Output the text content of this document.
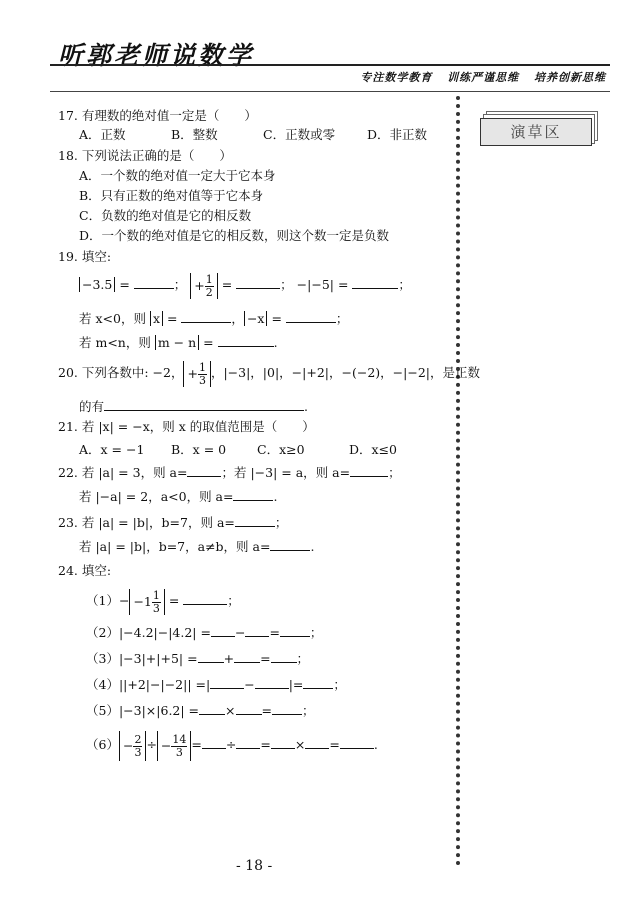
听郭老师说数学
专注数学教育 训练严谨思维 培养创新思维
演草区
17. 有理数的绝对值一定是（　　）
A．正数	B．整数	C．正数或零	D．非正数
18. 下列说法正确的是（　　）
A．一个数的绝对值一定大于它本身
B．只有正数的绝对值等于它本身
C．负数的绝对值是它的相反数
D．一个数的绝对值是它的相反数，则这个数一定是负数
19. 填空:
−3.5 =	； + $\frac{1}{2}$ =	； −|−5| =	；
若 x<0，则 x =	， −x =	；
若 m<n，则 m − n =	.
20. 下列各数中: −2， + $\frac{1}{3}$ ，|−3|，|0|，−|+2|，−(−2)，−|−2|，是正数
的有	.
21. 若 |x| = −x，则 x 的取值范围是（　　）
A．x = −1 B．x = 0 C．x≥0	D．x≤0
22. 若 |a| = 3，则 a=	；若 |−3| = a，则 a=	；
若 |−a| = 2，a<0，则 a=	.
23. 若 |a| = |b|，b=7，则 a=	；
若 |a| = |b|，b=7，a≠b，则 a=	.
24. 填空:
$(1)- -1 \frac{1}{3}$ =	；
（2）|−4.2|−|4.2| = − = ；
（3）|−3|+|+5| = + = ；
（4）||+2|−|−2|| =|	−	|= ；
（5）|−3|×|6.2| = × = ；
$(6) - \frac{2}{3}$ ÷ − $\frac{14}{3}$ = ÷ = × =	.
- 18 -
